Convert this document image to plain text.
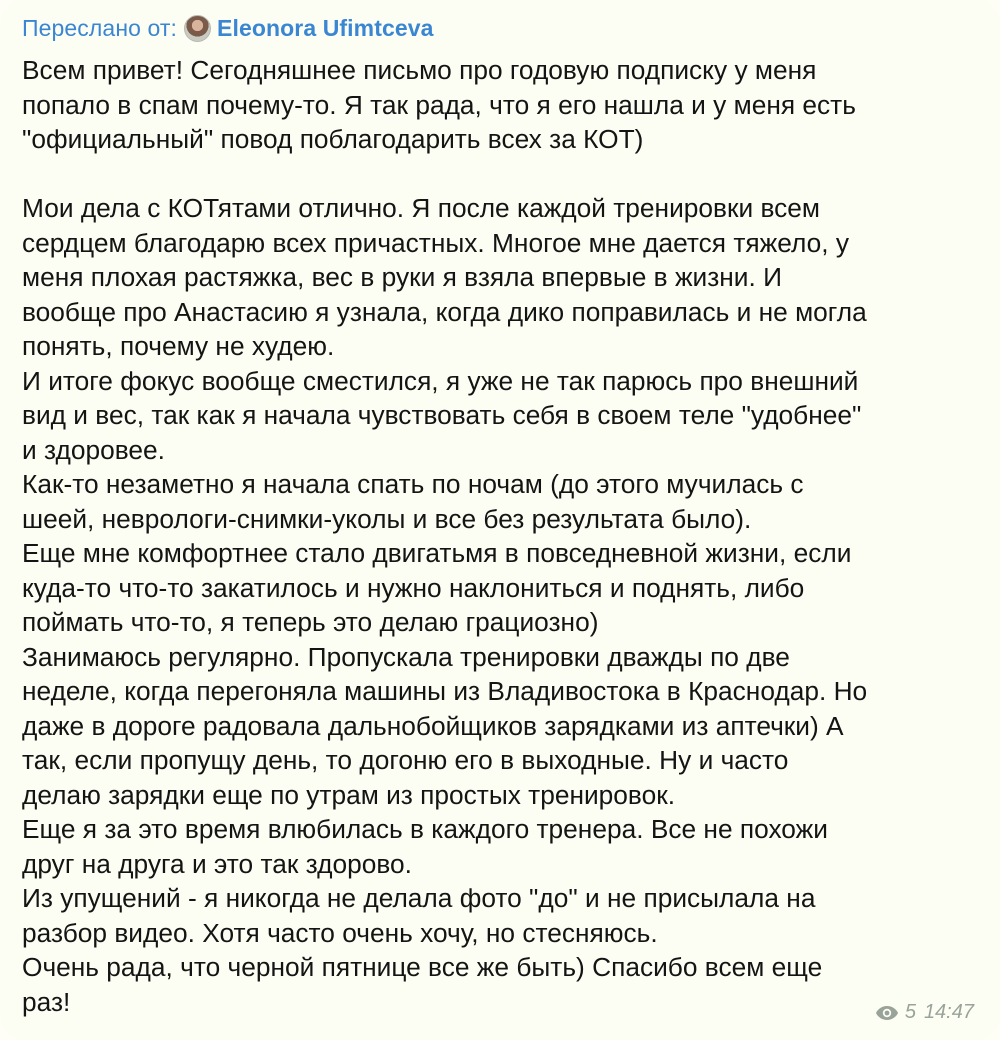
Переслано от: Eleonora Ufimtceva
Всем привет! Сегодняшнее письмо про годовую подписку у меня
попало в спам почему-то. Я так рада, что я его нашла и у меня есть
"официальный" повод поблагодарить всех за КОТ)

Мои дела с КОТятами отлично. Я после каждой тренировки всем
сердцем благодарю всех причастных. Многое мне дается тяжело, у
меня плохая растяжка, вес в руки я взяла впервые в жизни. И
вообще про Анастасию я узнала, когда дико поправилась и не могла
понять, почему не худею.
И итоге фокус вообще сместился, я уже не так парюсь про внешний
вид и вес, так как я начала чувствовать себя в своем теле "удобнее"
и здоровее.
Как-то незаметно я начала спать по ночам (до этого мучилась с
шеей, неврологи-снимки-уколы и все без результата было).
Еще мне комфортнее стало двигатьмя в повседневной жизни, если
куда-то что-то закатилось и нужно наклониться и поднять, либо
поймать что-то, я теперь это делаю грациозно)
Занимаюсь регулярно. Пропускала тренировки дважды по две
неделе, когда перегоняла машины из Владивостока в Краснодар. Но
даже в дороге радовала дальнобойщиков зарядками из аптечки) А
так, если пропущу день, то догоню его в выходные. Ну и часто
делаю зарядки еще по утрам из простых тренировок.
Еще я за это время влюбилась в каждого тренера. Все не похожи
друг на друга и это так здорово.
Из упущений - я никогда не делала фото "до" и не присылала на
разбор видео. Хотя часто очень хочу, но стесняюсь.
Очень рада, что черной пятнице все же быть) Спасибо всем еще
раз!	5 14:47
